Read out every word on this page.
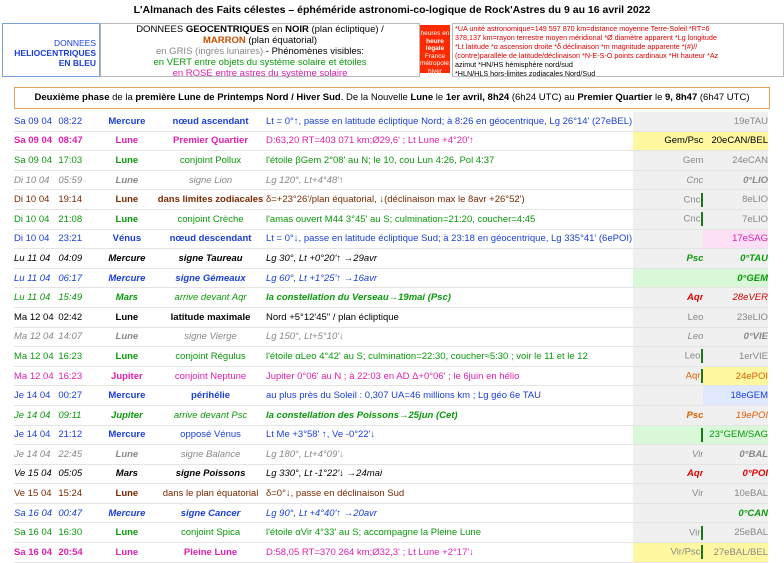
L'Almanach des Faits célestes – éphéméride astronomi-co-logique de Rock'Astres du 9 au 16 avril 2022
DONNEES
HELIOCENTRIQUES
EN BLEU
DONNEES GEOCENTRIQUES en NOIR (plan écliptique) /
MARRON (plan équatorial)
en GRIS (ingrès lunaires) - Phénomènes visibles:
en VERT entre objets du système solaire et étoiles
en ROSE entre astres du système solaire
heures en
heure légale
France
métropole: hiver
= UTC+1h
*UA unité astronomique=149 597 870 km=distance moyenne Terre-Soleil *RT=6
378,137 km=rayon terrestre moyen méridional *Ø diamètre apparent *Lg longitude
*Lt latitude *α ascension droite *δ déclinaison *m magnitude apparente *(#)//
(contre)parallèle de latitude/déclinaison *N-E-S-O points cardinaux *Ht hauteur *Az
azimut *HN/HS hémisphère nord/sud
*HLN/HLS hors-limites zodiacales Nord/Sud
Deuxième phase de la première Lune de Printemps Nord / Hiver Sud. De la Nouvelle Lune le 1er avril, 8h24 (6h24 UTC) au Premier Quartier le 9, 8h47 (6h47 UTC)
Sa 09 04	08:22	Mercure	nœud ascendant	Lt = 0°↑, passe en latitude écliptique Nord; à 8:26 en géocentrique, Lg 26°14' (27eBEL)		19eTAU
Sa 09 04	08:47	Lune	Premier Quartier	D:63,20 RT=403 071 km;Ø29,6' ; Lt Lune +4°20'↑	Gem/Psc	20eCAN/BEL
Sa 09 04	17:03	Lune	conjoint Pollux	l'étoile βGem 2°08' au N; le 10, cou Lun 4:26, Pol 4:37	Gem	24eCAN
Di 10 04	05:59	Lune	signe Lion	Lg 120°, Lt+4°48'↑	Cnc	0°LIO
Di 10 04	19:14	Lune	dans limites zodiacales	δ=+23°26'/plan équatorial, ↓(déclinaison max le 8avr +26°52')	Cnc	8eLIO
Di 10 04	21:08	Lune	conjoint Crèche	l'amas ouvert M44 3°45' au S; culmination=21:20, coucher=4:45	Cnc	7eLIO
Di 10 04	23:21	Vénus	nœud descendant	Lt = 0°↓, passe en latitude écliptique Sud; à 23:18 en géocentrique, Lg 335°41' (6ePOI)		17eSAG
Lu 11 04	04:09	Mercure	signe Taureau	Lg 30°, Lt +0°20'↑ →29avr	Psc	0°TAU
Lu 11 04	06:17	Mercure	signe Gémeaux	Lg 60°, Lt +1°25'↑ →16avr		0°GEM
Lu 11 04	15:49	Mars	arrive devant Aqr	la constellation du Verseau→19mai (Psc)	Aqr	28eVER
Ma 12 04	02:42	Lune	latitude maximale	Nord +5°12'45" / plan écliptique	Leo	23eLIO
Ma 12 04	14:07	Lune	signe Vierge	Lg 150°, Lt+5°10'↓	Leo	0°VIE
Ma 12 04	16:23	Lune	conjoint Régulus	l'étoile αLeo 4°42' au S; culmination=22:30, coucher≈5:30 ; voir le 11 et le 12	Leo	1erVIE
Ma 12 04	16:23	Jupiter	conjoint Neptune	Jupiter 0°06' au N ; à 22:03 en AD Δ+0°06' ; le 6juin en hélio	Aqr	24ePOI
Je 14 04	00:27	Mercure	périhélie	au plus près du Soleil : 0,307 UA=46 millions km ; Lg géo 6e TAU		18eGEM
Je 14 04	09:11	Jupiter	arrive devant Psc	la constellation des Poissons→25jun (Cet)	Psc	19ePOI
Je 14 04	21:12	Mercure	opposé Vénus	Lt Me +3°58' ↑, Ve -0°22'↓		23°GEM/SAG
Je 14 04	22:45	Lune	signe Balance	Lg 180°, Lt+4°09'↓	Vir	0°BAL
Ve 15 04	05:05	Mars	signe Poissons	Lg 330°, Lt -1°22'↓ →24mai	Aqr	0°POI
Ve 15 04	15:24	Lune	dans le plan équatorial	δ=0°↓, passe en déclinaison Sud	Vir	10eBAL
Sa 16 04	00:47	Mercure	signe Cancer	Lg 90°, Lt +4°40'↑ →20avr		0°CAN
Sa 16 04	16:30	Lune	conjoint Spica	l'étoile αVir 4°33' au S; accompagne la Pleine Lune	Vir	25eBAL
Sa 16 04	20:54	Lune	Pleine Lune	D:58,05 RT=370 264 km;Ø32,3' ; Lt Lune +2°17'↓	Vir/Psc	27eBAL/BEL
